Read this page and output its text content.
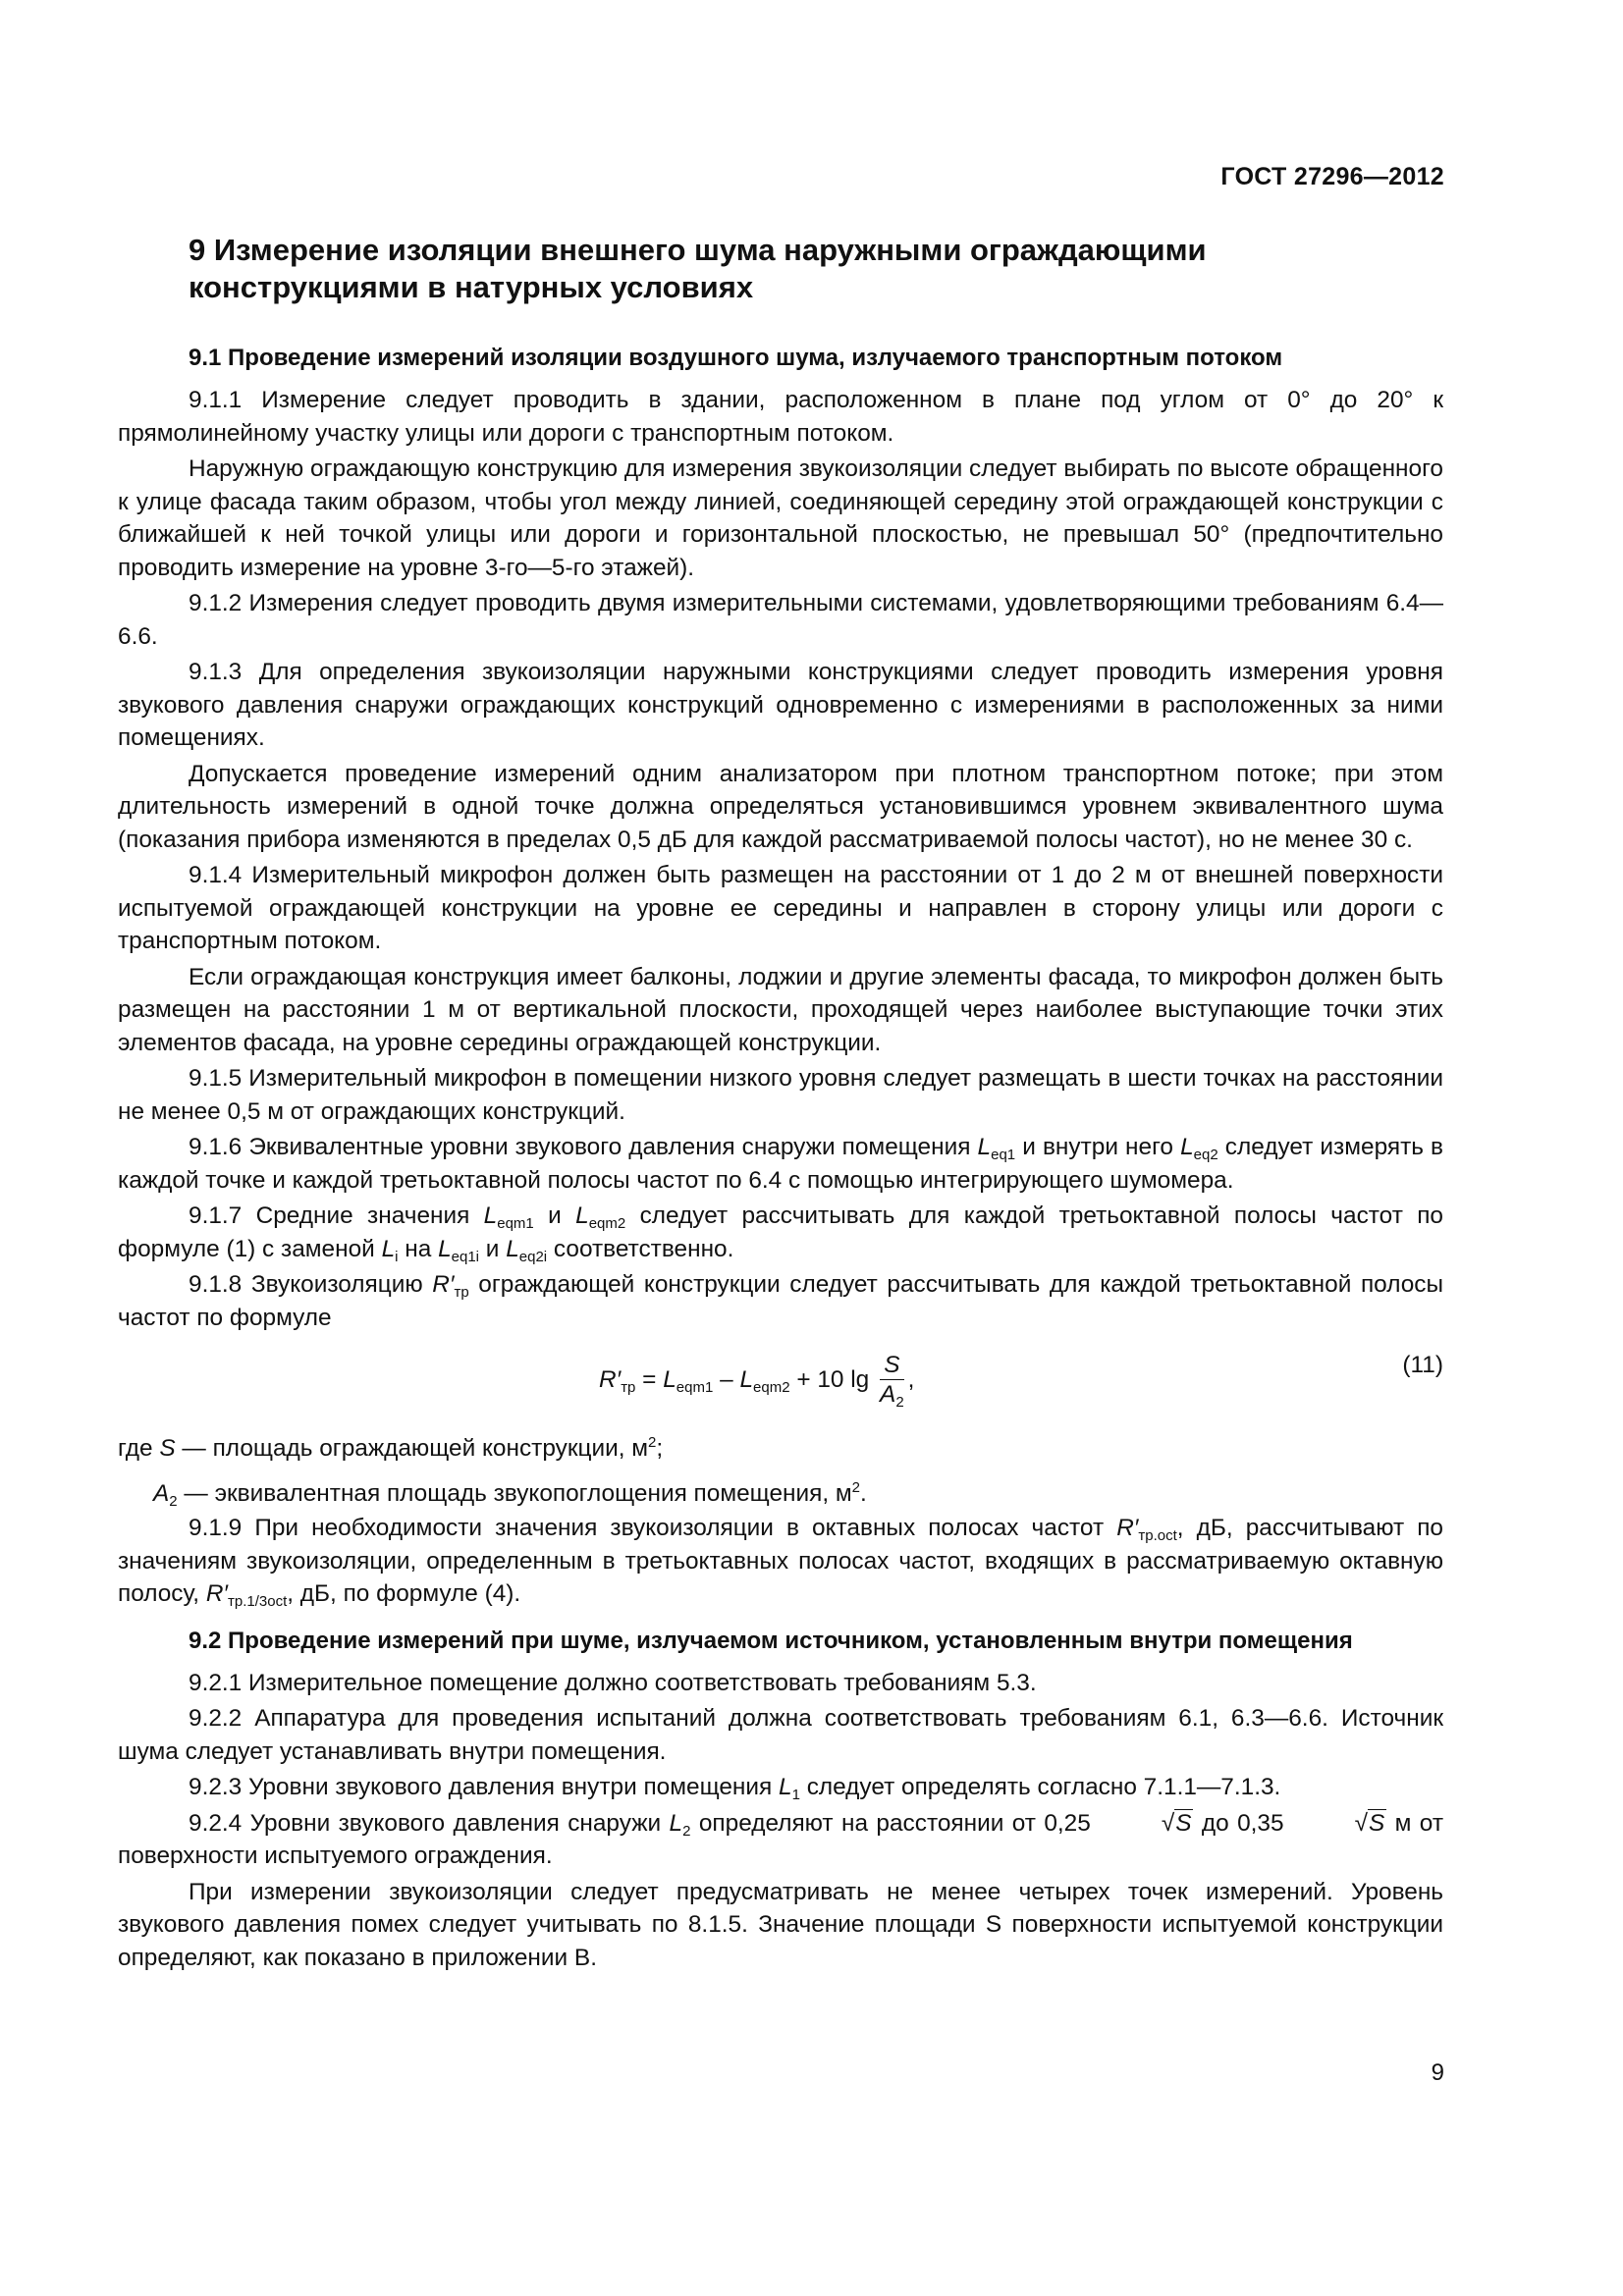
ГОСТ 27296—2012
9 Измерение изоляции внешнего шума наружными ограждающими
конструкциями в натурных условиях
9.1 Проведение измерений изоляции воздушного шума, излучаемого транспортным потоком

9.1.1 Измерение следует проводить в здании, расположенном в плане под углом от 0° до 20° к прямолинейному участку улицы или дороги с транспортным потоком.

Наружную ограждающую конструкцию для измерения звукоизоляции следует выбирать по высоте обращенного к улице фасада таким образом, чтобы угол между линией, соединяющей середину этой ограждающей конструкции с ближайшей к ней точкой улицы или дороги и горизонтальной плоскостью, не превышал 50° (предпочтительно проводить измерение на уровне 3-го—5-го этажей).

9.1.2 Измерения следует проводить двумя измерительными системами, удовлетворяющими требованиям 6.4—6.6.

9.1.3 Для определения звукоизоляции наружными конструкциями следует проводить измерения уровня звукового давления снаружи ограждающих конструкций одновременно с измерениями в расположенных за ними помещениях.

Допускается проведение измерений одним анализатором при плотном транспортном потоке; при этом длительность измерений в одной точке должна определяться установившимся уровнем эквивалентного шума (показания прибора изменяются в пределах 0,5 дБ для каждой рассматриваемой полосы частот), но не менее 30 с.

9.1.4 Измерительный микрофон должен быть размещен на расстоянии от 1 до 2 м от внешней поверхности испытуемой ограждающей конструкции на уровне ее середины и направлен в сторону улицы или дороги с транспортным потоком.

Если ограждающая конструкция имеет балконы, лоджии и другие элементы фасада, то микрофон должен быть размещен на расстоянии 1 м от вертикальной плоскости, проходящей через наиболее выступающие точки этих элементов фасада, на уровне середины ограждающей конструкции.

9.1.5 Измерительный микрофон в помещении низкого уровня следует размещать в шести точках на расстоянии не менее 0,5 м от ограждающих конструкций.

9.1.6 Эквивалентные уровни звукового давления снаружи помещения $L_{eq1}$ и внутри него $L_{eq2}$ следует измерять в каждой точке и каждой третьоктавной полосы частот по 6.4 с помощью интегрирующего шумомера.

9.1.7 Средние значения $L_{eqm1}$ и $L_{eqm2}$ следует рассчитывать для каждой третьоктавной полосы частот по формуле (1) с заменой $L_i$ на $L_{eq1i}$ и $L_{eq2i}$ соответственно.

9.1.8 Звукоизоляцию $R'_{тр}$ ограждающей конструкции следует рассчитывать для каждой третьоктавной полосы частот по формуле

$R'_{тр} = L_{eqm1} - L_{eqm2} + 10$ $\lg \frac{S}{A_2}$ ,
(11)

где S — площадь ограждающей конструкции, $м^2$;

$A_2$ — эквивалентная площадь звукопоглощения помещения, $м^2$.

9.1.9 При необходимости значения звукоизоляции в октавных полосах частот $R'_{тр.oct}$, дБ, рассчитывают по значениям звукоизоляции, определенным в третьоктавных полосах частот, входящих в рассматриваемую октавную полосу, $R'_{тр.1/3oct}$, дБ, по формуле (4).

9.2 Проведение измерений при шуме, излучаемом источником, установленным внутри помещения

9.2.1 Измерительное помещение должно соответствовать требованиям 5.3.

9.2.2 Аппаратура для проведения испытаний должна соответствовать требованиям 6.1, 6.3—6.6. Источник шума следует устанавливать внутри помещения.

9.2.3 Уровни звукового давления внутри помещения $L_1$ следует определять согласно 7.1.1—7.1.3.

9.2.4 Уровни звукового давления снаружи $L_2$ определяют на расстоянии от 0,25	√S до 0,35	√S м от поверхности испытуемого ограждения.

При измерении звукоизоляции следует предусматривать не менее четырех точек измерений. Уровень звукового давления помех следует учитывать по 8.1.5. Значение площади S поверхности испытуемой конструкции определяют, как показано в приложении В.

9
